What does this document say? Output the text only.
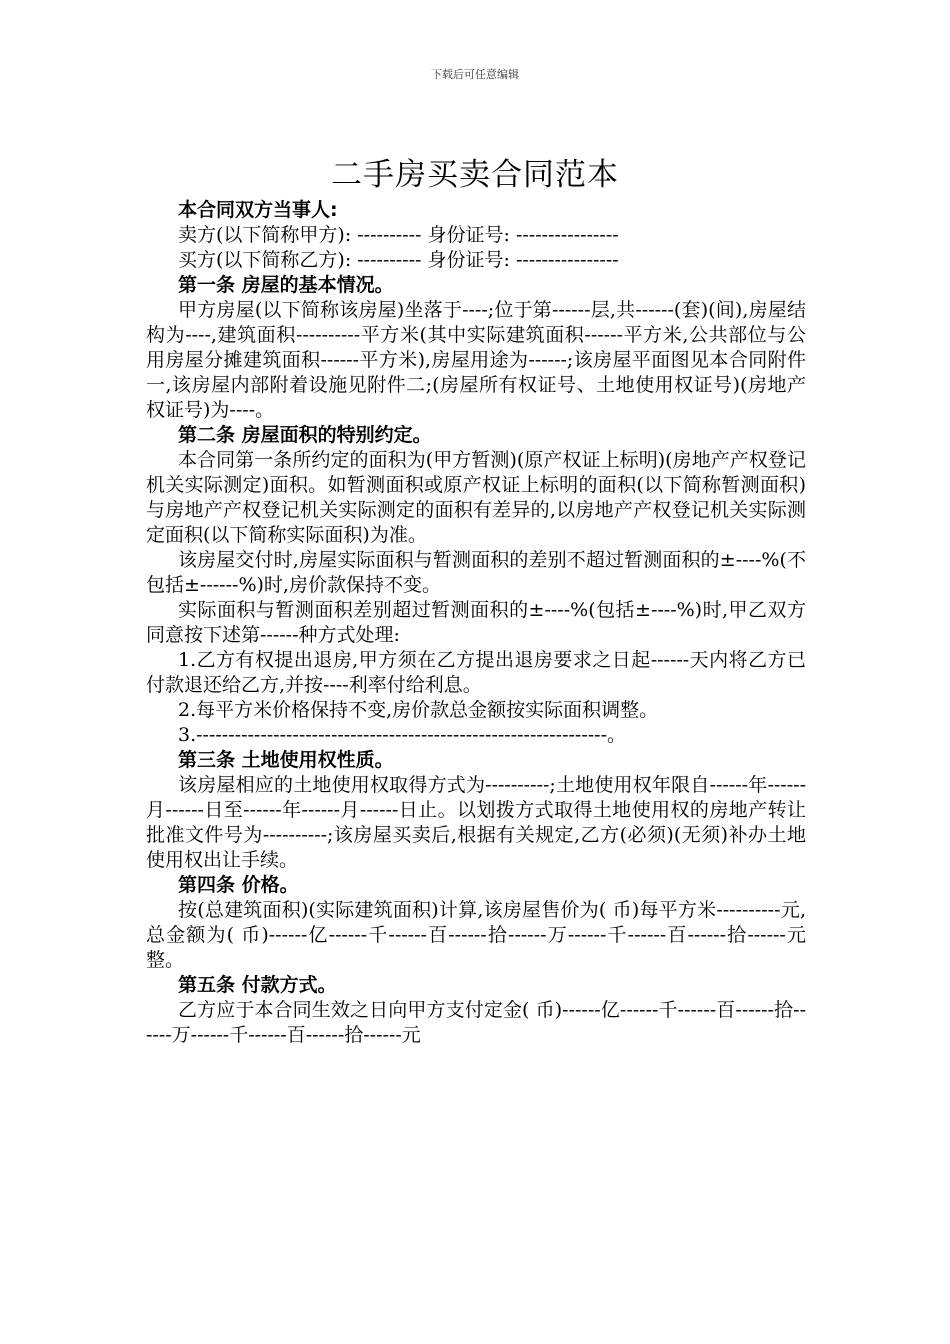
下载后可任意编辑
二手房买卖合同范本

本合同双方当事人:

卖方(以下简称甲方): ---------- 身份证号: ----------------

买方(以下简称乙方): ---------- 身份证号: ----------------

第一条 房屋的基本情况。

甲方房屋(以下简称该房屋)坐落于----;位于第------层,共------(套)(间),房屋结构为----,建筑面积----------平方米(其中实际建筑面积------平方米,公共部位与公用房屋分摊建筑面积------平方米),房屋用途为------;该房屋平面图见本合同附件一,该房屋内部附着设施见附件二;(房屋所有权证号、土地使用权证号)(房地产权证号)为----。

第二条 房屋面积的特别约定。

本合同第一条所约定的面积为(甲方暂测)(原产权证上标明)(房地产产权登记机关实际测定)面积。如暂测面积或原产权证上标明的面积(以下简称暂测面积)与房地产产权登记机关实际测定的面积有差异的,以房地产产权登记机关实际测定面积(以下简称实际面积)为准。

该房屋交付时,房屋实际面积与暂测面积的差别不超过暂测面积的±----%(不包括±------%)时,房价款保持不变。

实际面积与暂测面积差别超过暂测面积的±----%(包括±----%)时,甲乙双方同意按下述第------种方式处理:

1.乙方有权提出退房,甲方须在乙方提出退房要求之日起------天内将乙方已付款退还给乙方,并按----利率付给利息。

2.每平方米价格保持不变,房价款总金额按实际面积调整。

3.----------------------------------------------------------------。

第三条 土地使用权性质。

该房屋相应的土地使用权取得方式为----------;土地使用权年限自------年------月------日至------年------月------日止。以划拨方式取得土地使用权的房地产转让批准文件号为----------;该房屋买卖后,根据有关规定,乙方(必须)(无须)补办土地使用权出让手续。

第四条 价格。

按(总建筑面积)(实际建筑面积)计算,该房屋售价为( 币)每平方米----------元,总金额为( 币)------亿------千------百------拾------万------千------百------拾------元整。

第五条 付款方式。

乙方应于本合同生效之日向甲方支付定金( 币)------亿------千------百------拾------万------千------百------拾------元
